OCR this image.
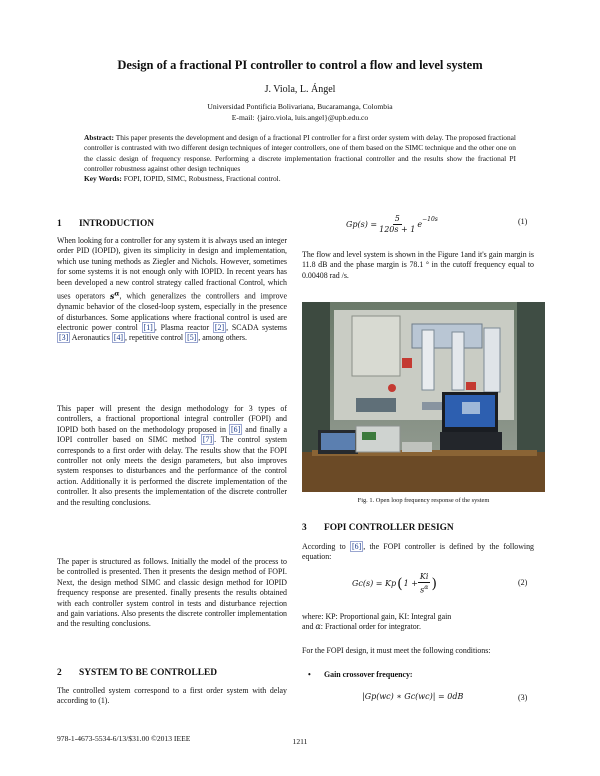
Design of a fractional PI controller to control a flow and level system
J. Viola, L. Ángel
Universidad Pontificia Bolivariana, Bucaramanga, Colombia
E-mail: {jairo.viola, luis.angel}@upb.edu.co
Abstract: This paper presents the development and design of a fractional PI controller for a first order system with delay. The proposed fractional controller is contrasted with two different design techniques of integer controllers, one of them based on the SIMC technique and the other one on the classic design of frequency response. Performing a discrete implementation fractional controller and the results show the fractional PI controller robustness against other design techniques
Key Words: FOPI, IOPID, SIMC, Robustness, Fractional control.
1 INTRODUCTION

When looking for a controller for any system it is always used an integer order PID (IOPID), given its simplicity in design and implementation, which use tuning methods as Ziegler and Nichols. However, sometimes for some systems it is not enough only with IOPID. In recent years has been developed a new control strategy called fractional Control, which uses operators $s^\alpha$, which generalizes the controllers and improve dynamic behavior of the closed-loop system, especially in the presence of disturbances. Some applications where fractional control is used are electronic power control [1] , Plasma reactor [2] , SCADA systems [3] Aeronautics [4] , repetitive control [5] , among others.

This paper will present the design methodology for 3 types of controllers, a fractional proportional integral controller (FOPI) and IOPID both based on the methodology proposed in [6] and finally a IOPI controller based on SIMC method [7] . The control system corresponds to a first order with delay. The results show that the FOPI controller not only meets the design parameters, but also improves system responses to disturbances and the performance of the control action. Additionally it is performed the discrete implementation of the controller. It also presents the implementation of the discrete controller and the resulting conclusions.

The paper is structured as follows. Initially the model of the process to be controlled is presented. Then it presents the design method of FOPI. Next, the design method SIMC and classic design method for IOPID frequency response are presented. finally presents the results obtained with each controller system control in tests and disturbance rejection and gain variations. Also presents the discrete controller implementation and the resulting conclusions.

2 SYSTEM TO BE CONTROLLED

The controlled system correspond to a first order system with delay according to (1).

$Gp(s) = \frac{5}{120s + 1}$ e
$^{-10s}$	(1)

The flow and level system is shown in the Figure 1and it's gain margin is 11.8 dB and the phase margin is 78.1 ° in the cutoff frequency equal to 0.00408 rad /s.

Fig. 1. Open loop frequency response of the system
3 FOPI CONTROLLER DESIGN

According to [6] , the FOPI controller is defined by the following equation:

Gc(s) = Kp ( $1 + \frac{Ki}{s^\alpha}$ )	(2)

where: KP: Proportional gain, KI: Integral gain

and α: Fractional order for integrator.

For the FOPI design, it must meet the following conditions:

• Gain crossover frequency:
|Gp(wc) ∗ Gc(wc)| = 0dB	(3)
978-1-4673-5534-6/13/$31.00 ©2013 IEEE	1211
